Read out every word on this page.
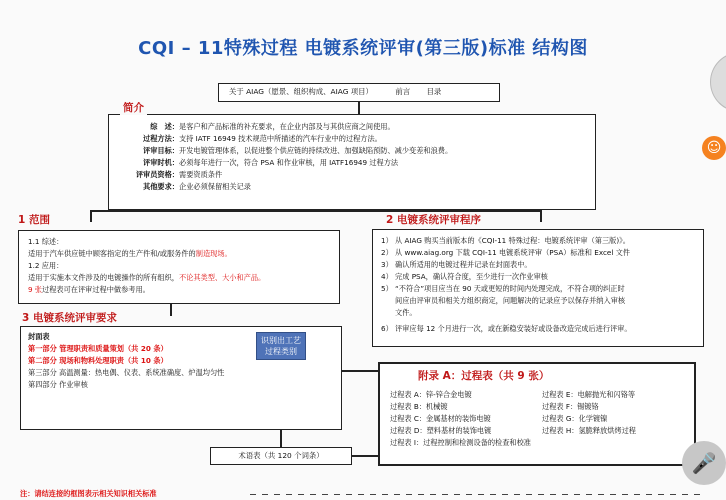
CQI – 11特殊过程 电镀系统评审(第三版)标准 结构图
关于 AIAG（愿景、组织构成、AIAG 项目）	前言 目录
综　述：是客户和产品标准的补充要求，在企业内部及与其供应商之间使用。
过程方法：支持 IATF 16949 技术规范中所描述的汽车行业中的过程方法。
评审目标：开发电镀管理体系，以促进整个供应链的持续改进、加强缺陷预防、减少变差和浪费。
评审时机：必须每年进行一次，符合 PSA 和作业审核，用 IATF16949 过程方法
评审员资格：需要资质条件
其他要求：企业必须保留相关记录
简介
1 范围
1.1 综述：
适用于汽车供应链中顾客指定的生产件和/或服务件的制造现场。
1.2 应用：
适用于实施本文件涉及的电镀操作的所有组织，不论其类型、大小和产品。
9 张过程表可在评审过程中做参考用。
2 电镀系统评审程序
1） 从 AIAG 购买当前版本的《CQI-11 特殊过程：电镀系统评审（第三版)》。
2） 从 www.aiag.org 下载 CQI-11 电镀系统评审（PSA）标准和 Excel 文件
3） 确认所适用的电镀过程并记录在封面表中。
4） 完成 PSA，确认符合度，至少进行一次作业审核
5） “不符合”项目应当在 90 天或更短的时间内处理完成，不符合项的纠正时
间应由评审员和相关方组织商定，问题解决的记录应予以保存并纳入审核
文件。
6） 评审应每 12 个月进行一次，或在新稳安装好或设备改造完成后进行评审。
3 电镀系统评审要求
封面表
第一部分 管理职责和质量策划（共 20 条）
第二部分 现场和物料处理职责（共 10 条）
第三部分 高温测量：热电偶、仪表、系统准确度、炉温均匀性
第四部分 作业审核
识别出工艺过程类别
附录 A：过程表（共 9 张）
过程表 A：锌-锌合金电镀
过程表 B：机械镀
过程表 C：金属基材的装饰电镀
过程表 D：塑料基材的装饰电镀
过程表 E：电解抛光和闪铬等
过程表 F：锡镀铬
过程表 G：化学镀镍
过程表 H：氢脆释放烘烤过程
过程表 I：过程控制和检测设备的检查和校准
术语表（共 120 个词条）
注：请结连接的框图表示相关知识相关标准
☺
🎤
